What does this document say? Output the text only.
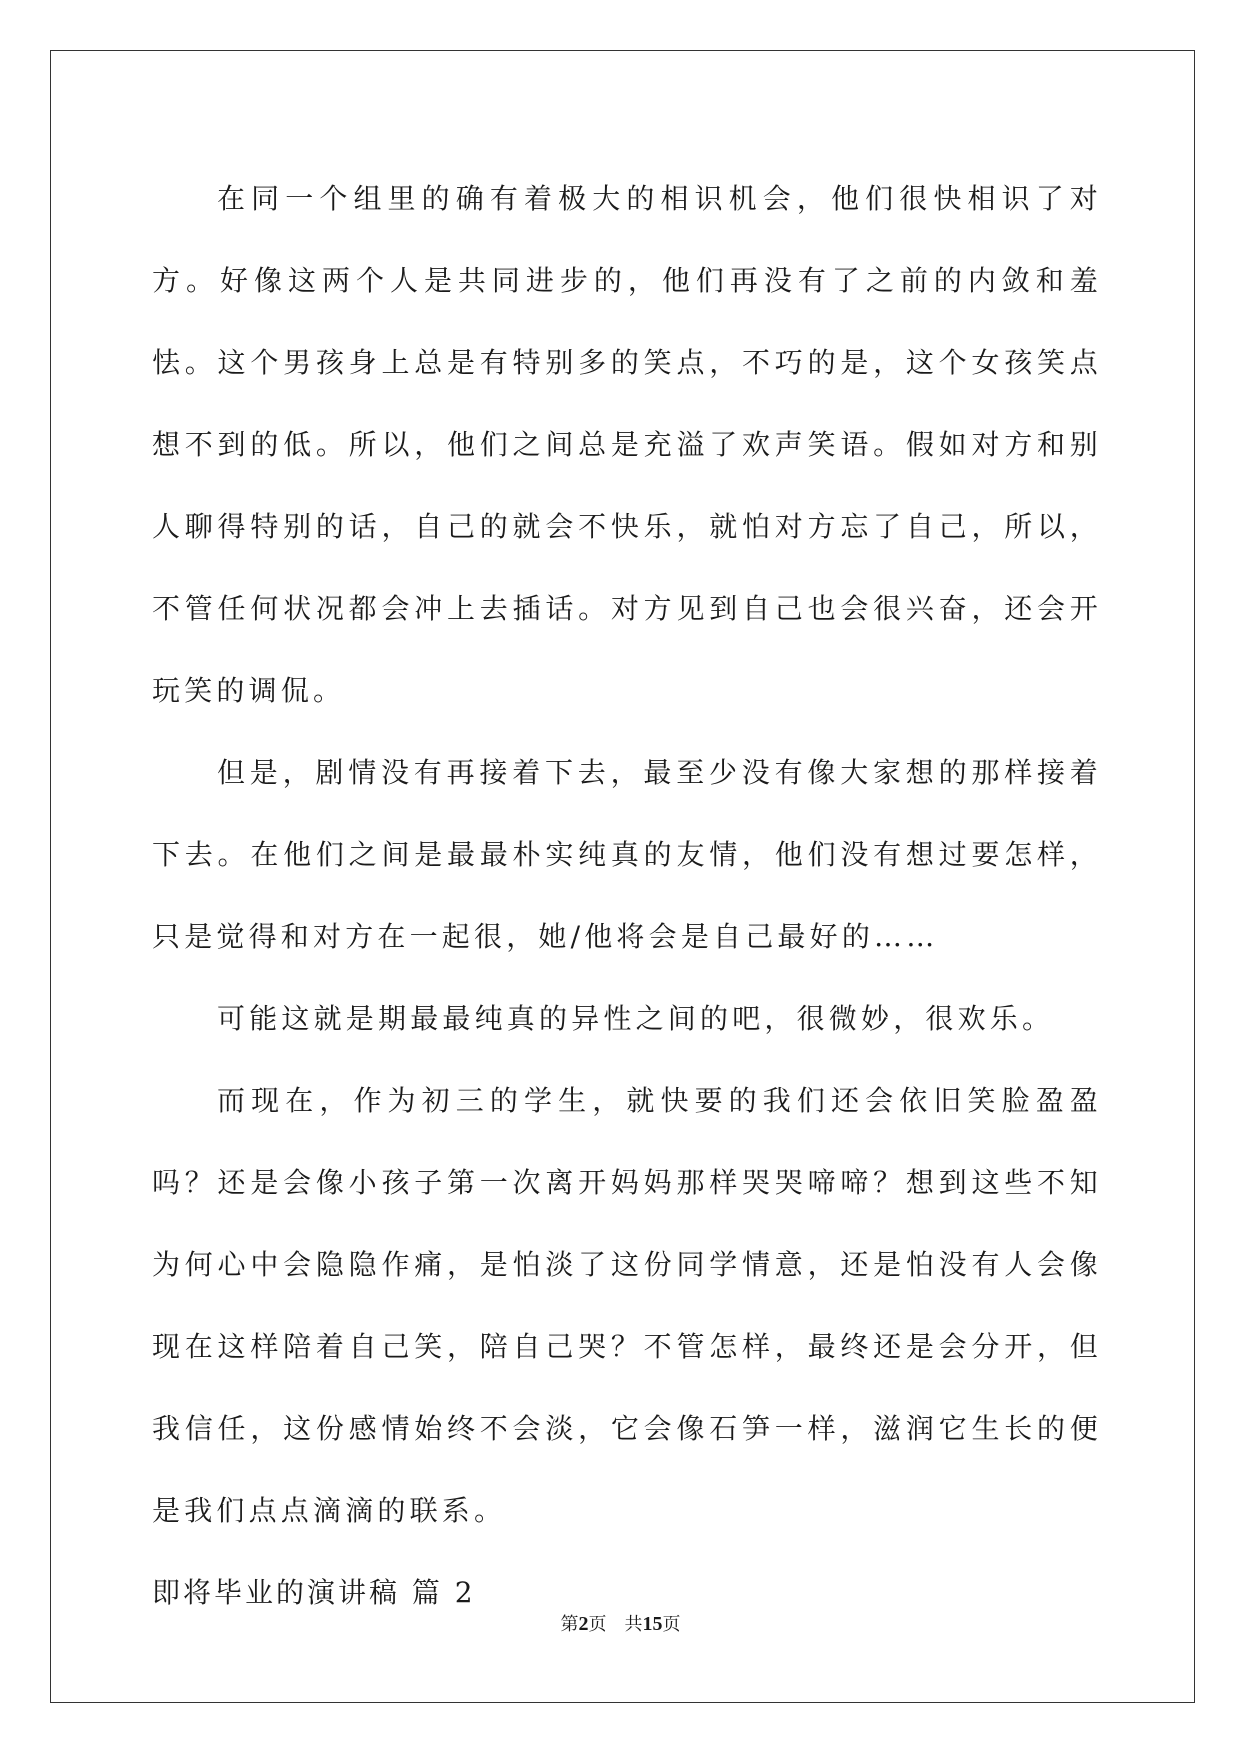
在同一个组里的确有着极大的相识机会，他们很快相识了对方。好像这两个人是共同进步的，他们再没有了之前的内敛和羞怯。这个男孩身上总是有特别多的笑点，不巧的是，这个女孩笑点想不到的低。所以，他们之间总是充溢了欢声笑语。假如对方和别人聊得特别的话，自己的就会不快乐，就怕对方忘了自己，所以，不管任何状况都会冲上去插话。对方见到自己也会很兴奋，还会开玩笑的调侃。

但是，剧情没有再接着下去，最至少没有像大家想的那样接着下去。在他们之间是最最朴实纯真的友情，他们没有想过要怎样，只是觉得和对方在一起很，她/他将会是自己最好的……

可能这就是期最最纯真的异性之间的吧，很微妙，很欢乐。

而现在，作为初三的学生，就快要的我们还会依旧笑脸盈盈吗？还是会像小孩子第一次离开妈妈那样哭哭啼啼？想到这些不知为何心中会隐隐作痛，是怕淡了这份同学情意，还是怕没有人会像现在这样陪着自己笑，陪自己哭？不管怎样，最终还是会分开，但我信任，这份感情始终不会淡，它会像石笋一样，滋润它生长的便是我们点点滴滴的联系。

即将毕业的演讲稿 篇 2

第2页　共15页
